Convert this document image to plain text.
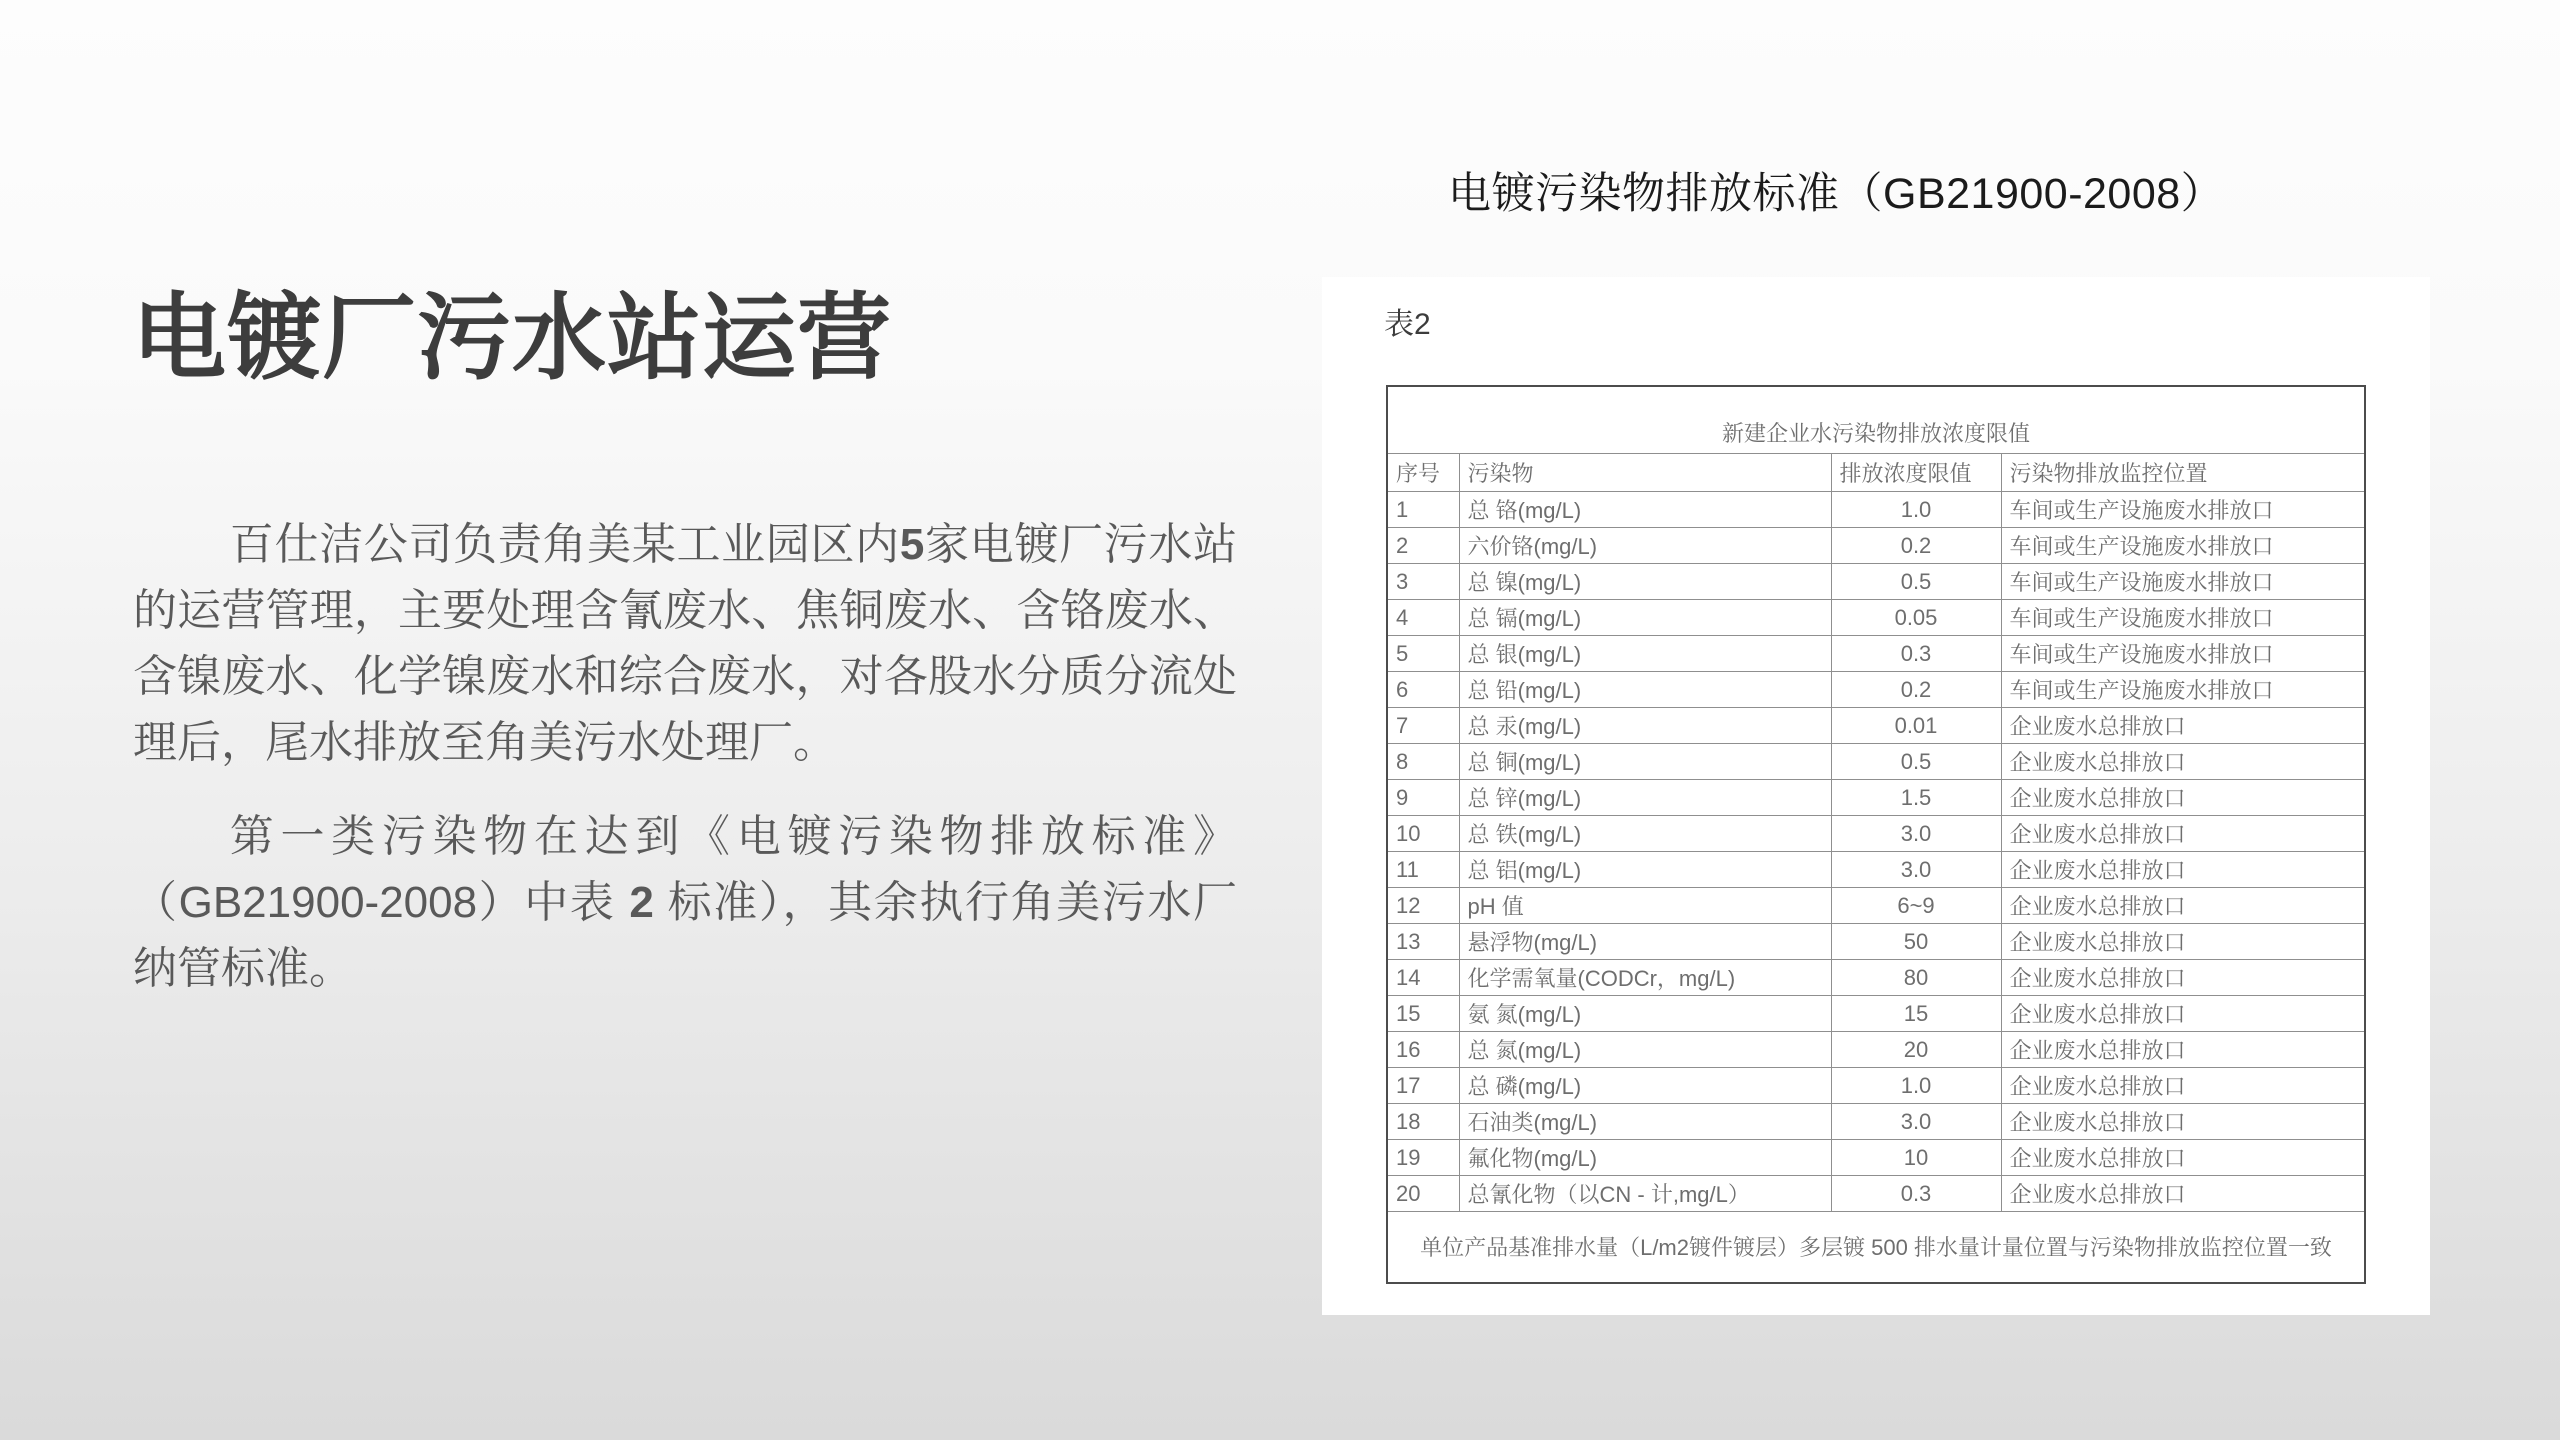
电镀污染物排放标准（GB21900-2008）
电镀厂污水站运营

百仕洁公司负责角美某工业园区内5家电镀厂污水站的运营管理，主要处理含氰废水、焦铜废水、含铬废水、含镍废水、化学镍废水和综合废水，对各股水分质分流处理后，尾水排放至角美污水处理厂。

第一类污染物在达到《电镀污染物排放标准》（GB21900-2008）中表 2 标准），其余执行角美污水厂纳管标准。

表2
新建企业水污染物排放浓度限值			
序号	污染物	排放浓度限值	污染物排放监控位置
1	总 铬(mg/L)	1.0	车间或生产设施废水排放口
2	六价铬(mg/L)	0.2	车间或生产设施废水排放口
3	总 镍(mg/L)	0.5	车间或生产设施废水排放口
4	总 镉(mg/L)	0.05	车间或生产设施废水排放口
5	总 银(mg/L)	0.3	车间或生产设施废水排放口
6	总 铅(mg/L)	0.2	车间或生产设施废水排放口
7	总 汞(mg/L)	0.01	企业废水总排放口
8	总 铜(mg/L)	0.5	企业废水总排放口
9	总 锌(mg/L)	1.5	企业废水总排放口
10	总 铁(mg/L)	3.0	企业废水总排放口
11	总 铝(mg/L)	3.0	企业废水总排放口
12	pH 值	6~9	企业废水总排放口
13	悬浮物(mg/L)	50	企业废水总排放口
14	化学需氧量(CODCr，mg/L)	80	企业废水总排放口
15	氨 氮(mg/L)	15	企业废水总排放口
16	总 氮(mg/L)	20	企业废水总排放口
17	总 磷(mg/L)	1.0	企业废水总排放口
18	石油类(mg/L)	3.0	企业废水总排放口
19	氟化物(mg/L)	10	企业废水总排放口
20	总氰化物（以CN - 计,mg/L）	0.3	企业废水总排放口
单位产品基准排水量（L/m2镀件镀层）多层镀 500 排水量计量位置与污染物排放监控位置一致			
